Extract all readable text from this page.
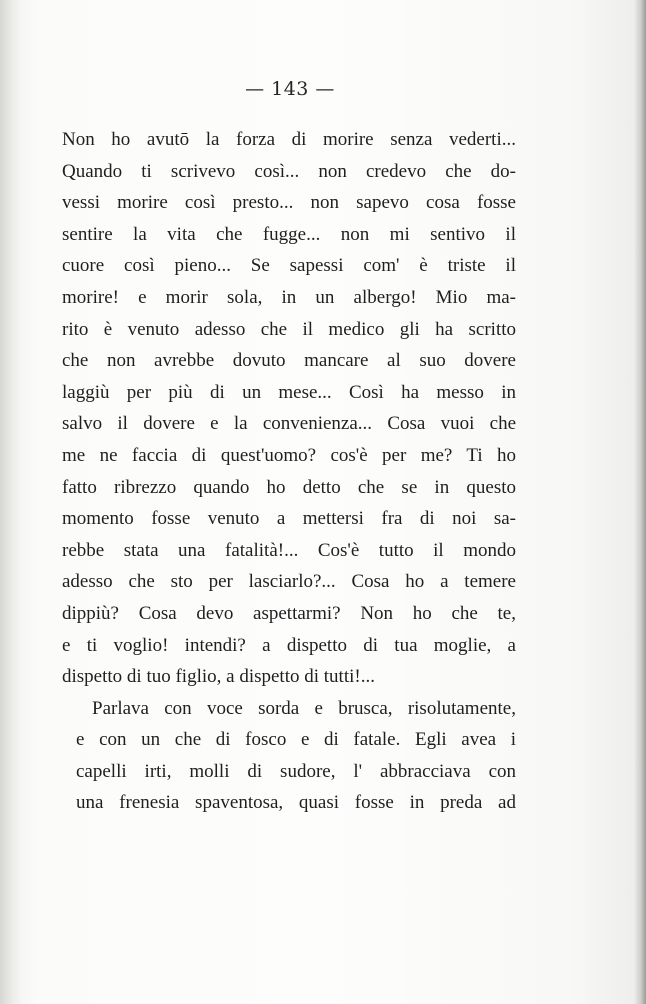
— 143 —
Non ho avutō la forza di morire senza vederti...
Quando ti scrivevo così... non credevo che do-
vessi morire così presto... non sapevo cosa fosse
sentire la vita che fugge... non mi sentivo il
cuore così pieno... Se sapessi com' è triste il
morire! e morir sola, in un albergo! Mio ma-
rito è venuto adesso che il medico gli ha scritto
che non avrebbe dovuto mancare al suo dovere
laggiù per più di un mese... Così ha messo in
salvo il dovere e la convenienza... Cosa vuoi che
me ne faccia di quest'uomo? cos'è per me? Ti ho
fatto ribrezzo quando ho detto che se in questo
momento fosse venuto a mettersi fra di noi sa-
rebbe stata una fatalità!... Cos'è tutto il mondo
adesso che sto per lasciarlo?... Cosa ho a temere
dippiù? Cosa devo aspettarmi? Non ho che te,
e ti voglio! intendi? a dispetto di tua moglie, a
dispetto di tuo figlio, a dispetto di tutti!...
Parlava con voce sorda e brusca, risolutamente,
e con un che di fosco e di fatale. Egli avea i
capelli irti, molli di sudore, l' abbracciava con
una frenesia spaventosa, quasi fosse in preda ad
